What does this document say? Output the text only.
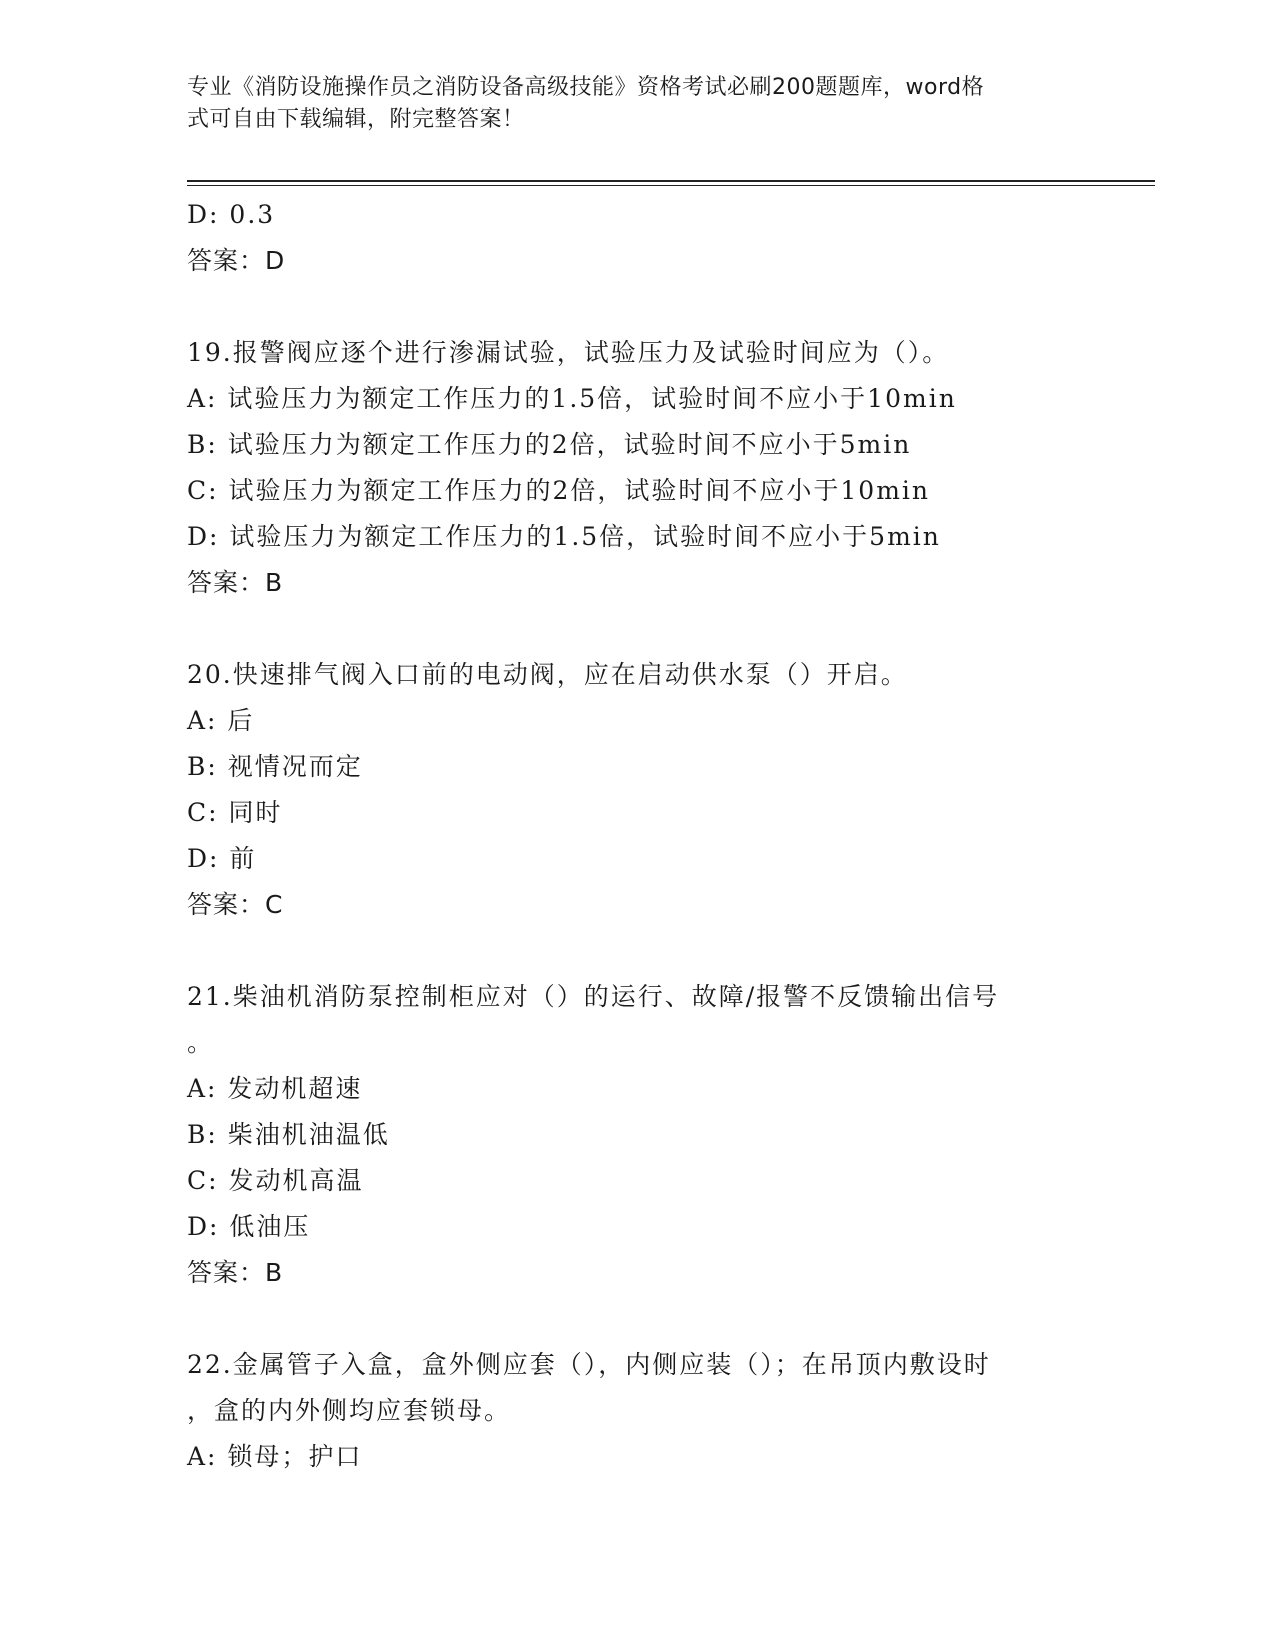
专业《消防设施操作员之消防设备高级技能》资格考试必刷200题题库，word格
式可自由下载编辑，附完整答案！
D: 0.3
答案：D
19.报警阀应逐个进行渗漏试验，试验压力及试验时间应为（）。
A: 试验压力为额定工作压力的1.5倍，试验时间不应小于10min
B: 试验压力为额定工作压力的2倍，试验时间不应小于5min
C: 试验压力为额定工作压力的2倍，试验时间不应小于10min
D: 试验压力为额定工作压力的1.5倍，试验时间不应小于5min
答案：B
20.快速排气阀入口前的电动阀，应在启动供水泵（）开启。
A: 后
B: 视情况而定
C: 同时
D: 前
答案：C
21.柴油机消防泵控制柜应对（）的运行、故障/报警不反馈输出信号
。
A: 发动机超速
B: 柴油机油温低
C: 发动机高温
D: 低油压
答案：B
22.金属管子入盒，盒外侧应套（），内侧应装（）；在吊顶内敷设时
，盒的内外侧均应套锁母。
A: 锁母；护口
